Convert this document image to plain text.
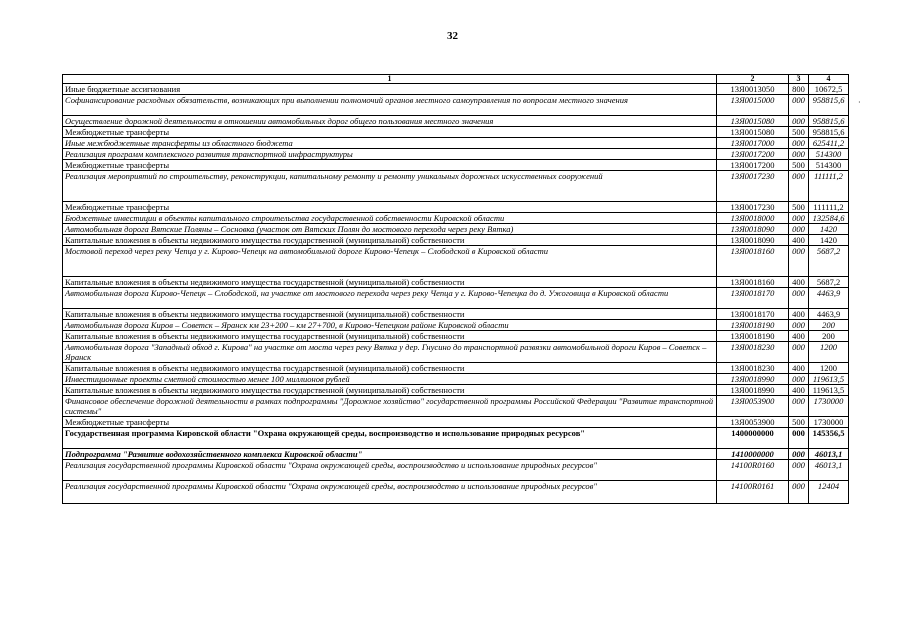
32
·
1	2	3	4
Иные бюджетные ассигнования	13Я0013050	800	10672,5
Софинансирование расходных обязательств, возникающих при выполнении полномочий органов местного самоуправления по вопросам местного значения	13Я0015000	000	958815,6
Осуществление дорожной деятельности в отношении автомобильных дорог общего пользования местного значения	13Я0015080	000	958815,6
Межбюджетные трансферты	13Я0015080	500	958815,6
Иные межбюджетные трансферты из областного бюджета	13Я0017000	000	625411,2
Реализация программ комплексного развития транспортной инфраструктуры	13Я0017200	000	514300
Межбюджетные трансферты	13Я0017200	500	514300
Реализация мероприятий по строительству, реконструкции, капитальному ремонту и ремонту уникальных дорожных искусственных сооружений	13Я0017230	000	111111,2
Межбюджетные трансферты	13Я0017230	500	111111,2
Бюджетные инвестиции в объекты капитального строительства государственной собственности Кировской области	13Я0018000	000	132584,6
Автомобильная дорога Вятские Поляны – Сосновка (участок от Вятских Полян до мостового перехода через реку Вятка)	13Я0018090	000	1420
Капитальные вложения в объекты недвижимого имущества государственной (муниципальной) собственности	13Я0018090	400	1420
Мостовой переход через реку Чепца у г. Кирово-Чепецк на автомобильной дороге Кирово-Чепецк – Слободской в Кировской области	13Я0018160	000	5687,2
Капитальные вложения в объекты недвижимого имущества государственной (муниципальной) собственности	13Я0018160	400	5687,2
Автомобильная дорога Кирово-Чепецк – Слободской, на участке от мостового перехода через реку Чепца у г. Кирово-Чепецка до д. Ужоговица в Кировской области	13Я0018170	000	4463,9
Капитальные вложения в объекты недвижимого имущества государственной (муниципальной) собственности	13Я0018170	400	4463,9
Автомобильная дорога Киров – Советск – Яранск км 23+200 – км 27+700, в Кирово-Чепецком районе Кировской области	13Я0018190	000	200
Капитальные вложения в объекты недвижимого имущества государственной (муниципальной) собственности	13Я0018190	400	200
Автомобильная дорога "Западный обход г. Кирова" на участке от моста через реку Вятка у дер. Гнусино до транспортной развязки автомобильной дороги Киров – Советск – Яранск	13Я0018230	000	1200
Капитальные вложения в объекты недвижимого имущества государственной (муниципальной) собственности	13Я0018230	400	1200
Инвестиционные проекты сметной стоимостью менее 100 миллионов рублей	13Я0018990	000	119613,5
Капитальные вложения в объекты недвижимого имущества государственной (муниципальной) собственности	13Я0018990	400	119613,5
Финансовое обеспечение дорожной деятельности в рамках подпрограммы "Дорожное хозяйство" государственной программы Российской Федерации "Развитие транспортной системы"	13Я0053900	000	1730000
Межбюджетные трансферты	13Я0053900	500	1730000
Государственная программа Кировской области "Охрана окружающей среды, воспроизводство и использование природных ресурсов"	1400000000	000	145356,5
Подпрограмма "Развитие водохозяйственного комплекса Кировской области"	1410000000	000	46013,1
Реализация государственной программы Кировской области "Охрана окружающей среды, воспроизводство и использование природных ресурсов"	14100R0160	000	46013,1
Реализация государственной программы Кировской области "Охрана окружающей среды, воспроизводство и использование природных ресурсов"	14100R0161	000	12404
